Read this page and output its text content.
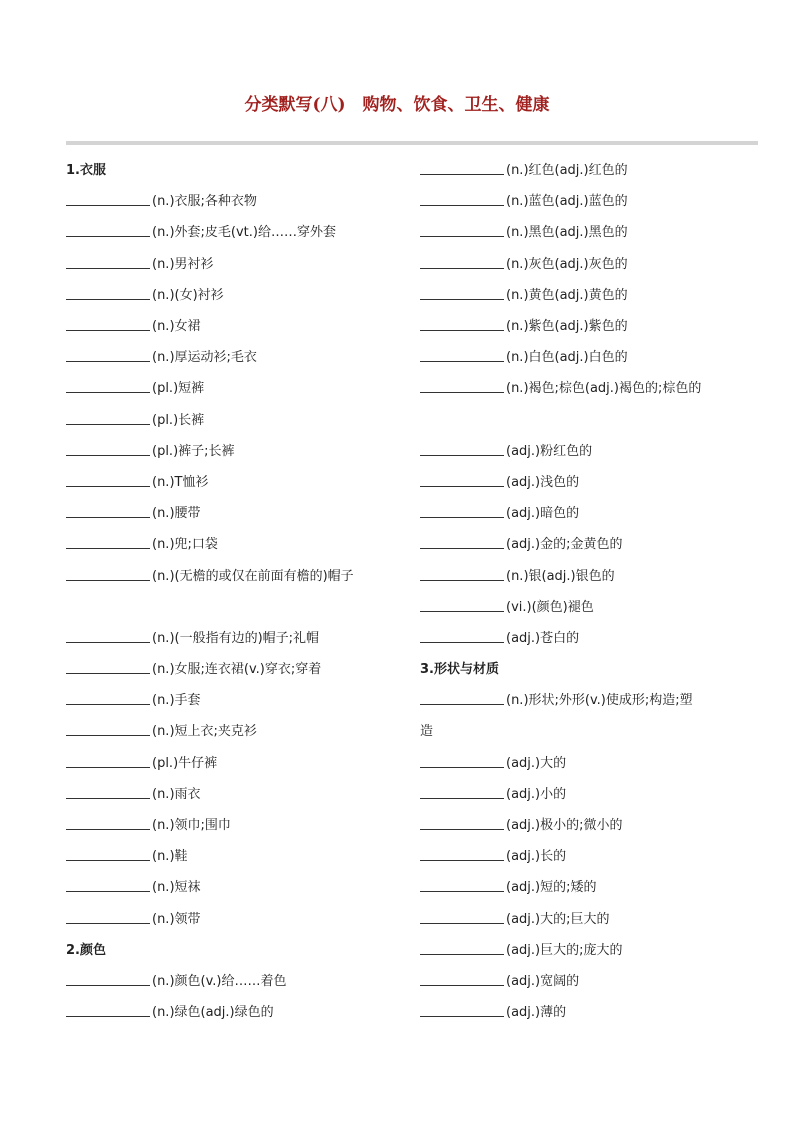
分类默写(八)　购物、饮食、卫生、健康
1.衣服
(n.)衣服;各种衣物
(n.)外套;皮毛(vt.)给……穿外套
(n.)男衬衫
(n.)(女)衬衫
(n.)女裙
(n.)厚运动衫;毛衣
(pl.)短裤
(pl.)长裤
(pl.)裤子;长裤
(n.)T恤衫
(n.)腰带
(n.)兜;口袋
(n.)(无檐的或仅在前面有檐的)帽子
(n.)(一般指有边的)帽子;礼帽
(n.)女服;连衣裙(v.)穿衣;穿着
(n.)手套
(n.)短上衣;夹克衫
(pl.)牛仔裤
(n.)雨衣
(n.)领巾;围巾
(n.)鞋
(n.)短袜
(n.)领带
2.颜色
(n.)颜色(v.)给……着色
(n.)绿色(adj.)绿色的
(n.)红色(adj.)红色的
(n.)蓝色(adj.)蓝色的
(n.)黑色(adj.)黑色的
(n.)灰色(adj.)灰色的
(n.)黄色(adj.)黄色的
(n.)紫色(adj.)紫色的
(n.)白色(adj.)白色的
(n.)褐色;棕色(adj.)褐色的;棕色的
(adj.)粉红色的
(adj.)浅色的
(adj.)暗色的
(adj.)金的;金黄色的
(n.)银(adj.)银色的
(vi.)(颜色)褪色
(adj.)苍白的
3.形状与材质
(n.)形状;外形(v.)使成形;构造;塑
造
(adj.)大的
(adj.)小的
(adj.)极小的;微小的
(adj.)长的
(adj.)短的;矮的
(adj.)大的;巨大的
(adj.)巨大的;庞大的
(adj.)宽阔的
(adj.)薄的
